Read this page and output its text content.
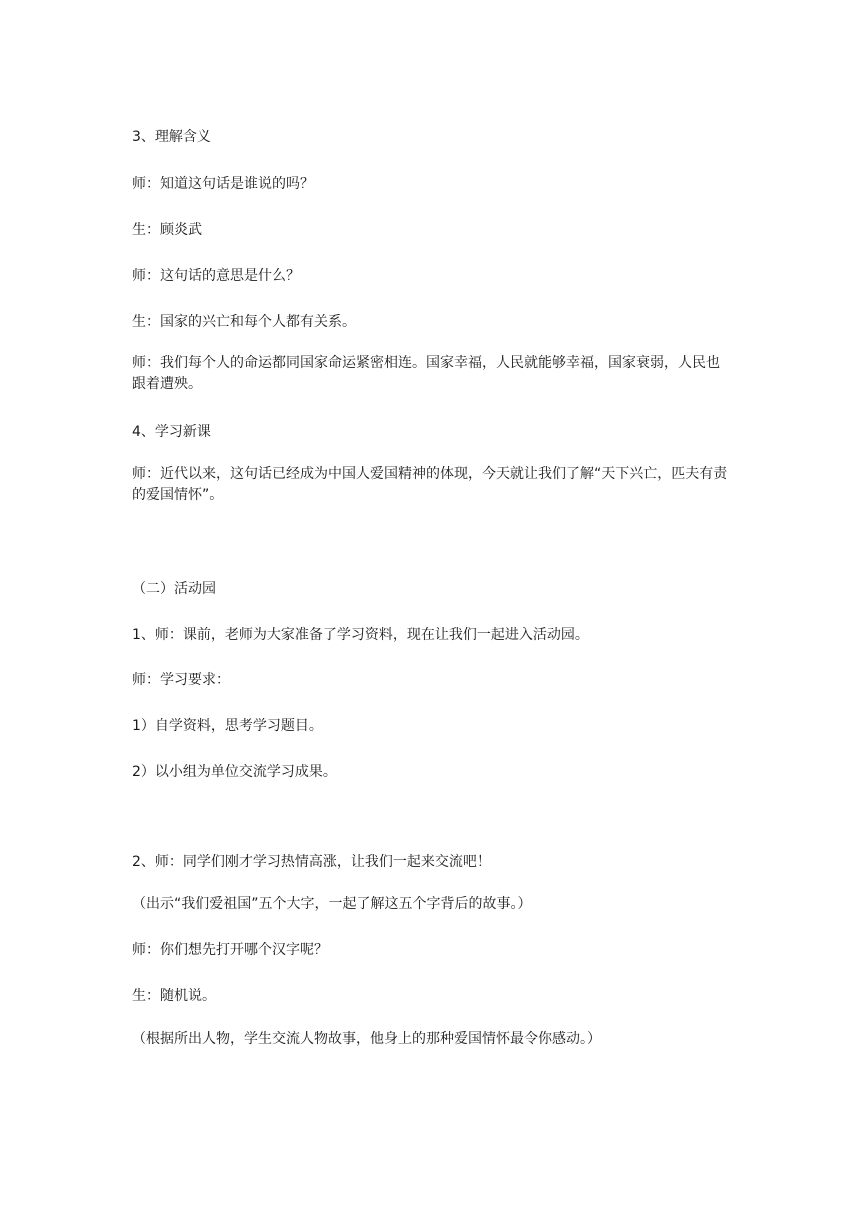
3、理解含义

师：知道这句话是谁说的吗？

生：顾炎武

师：这句话的意思是什么？

生：国家的兴亡和每个人都有关系。

师：我们每个人的命运都同国家命运紧密相连。国家幸福，人民就能够幸福，国家衰弱，人民也跟着遭殃。

4、学习新课

师：近代以来，这句话已经成为中国人爱国精神的体现，今天就让我们了解“天下兴亡，匹夫有责的爱国情怀”。

（二）活动园

1、师：课前，老师为大家准备了学习资料，现在让我们一起进入活动园。

师：学习要求：

1）自学资料，思考学习题目。

2）以小组为单位交流学习成果。

2、师：同学们刚才学习热情高涨，让我们一起来交流吧！

（出示“我们爱祖国”五个大字，一起了解这五个字背后的故事。）

师：你们想先打开哪个汉字呢？

生：随机说。

（根据所出人物，学生交流人物故事，他身上的那种爱国情怀最令你感动。）
